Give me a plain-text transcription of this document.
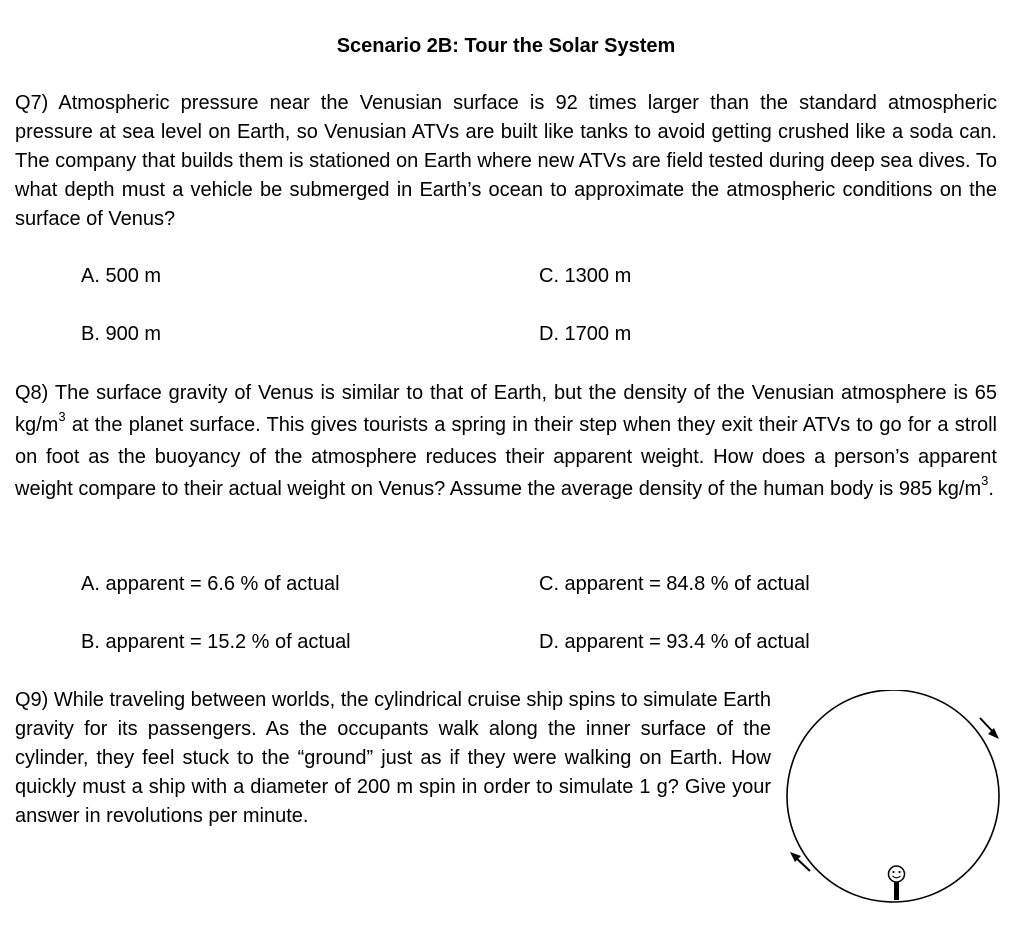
Scenario 2B: Tour the Solar System
Q7) Atmospheric pressure near the Venusian surface is 92 times larger than the standard atmospheric pressure at sea level on Earth, so Venusian ATVs are built like tanks to avoid getting crushed like a soda can. The company that builds them is stationed on Earth where new ATVs are field tested during deep sea dives. To what depth must a vehicle be submerged in Earth’s ocean to approximate the atmospheric conditions on the surface of Venus?
A. 500 m	C. 1300 m
B. 900 m	D. 1700 m
Q8) The surface gravity of Venus is similar to that of Earth, but the density of the Venusian atmosphere is 65 $kg/m^3$ at the planet surface. This gives tourists a spring in their step when they exit their ATVs to go for a stroll on foot as the buoyancy of the atmosphere reduces their apparent weight. How does a person’s apparent weight compare to their actual weight on Venus? Assume the average density of the human body is 985 $kg/m^3$.
A. apparent = 6.6 % of actual	C. apparent = 84.8 % of actual
B. apparent = 15.2 % of actual	D. apparent = 93.4 % of actual
Q9) While traveling between worlds, the cylindrical cruise ship spins to simulate Earth gravity for its passengers. As the occupants walk along the inner surface of the cylinder, they feel stuck to the “ground” just as if they were walking on Earth. How quickly must a ship with a diameter of 200 m spin in order to simulate 1 g? Give your answer in revolutions per minute.
